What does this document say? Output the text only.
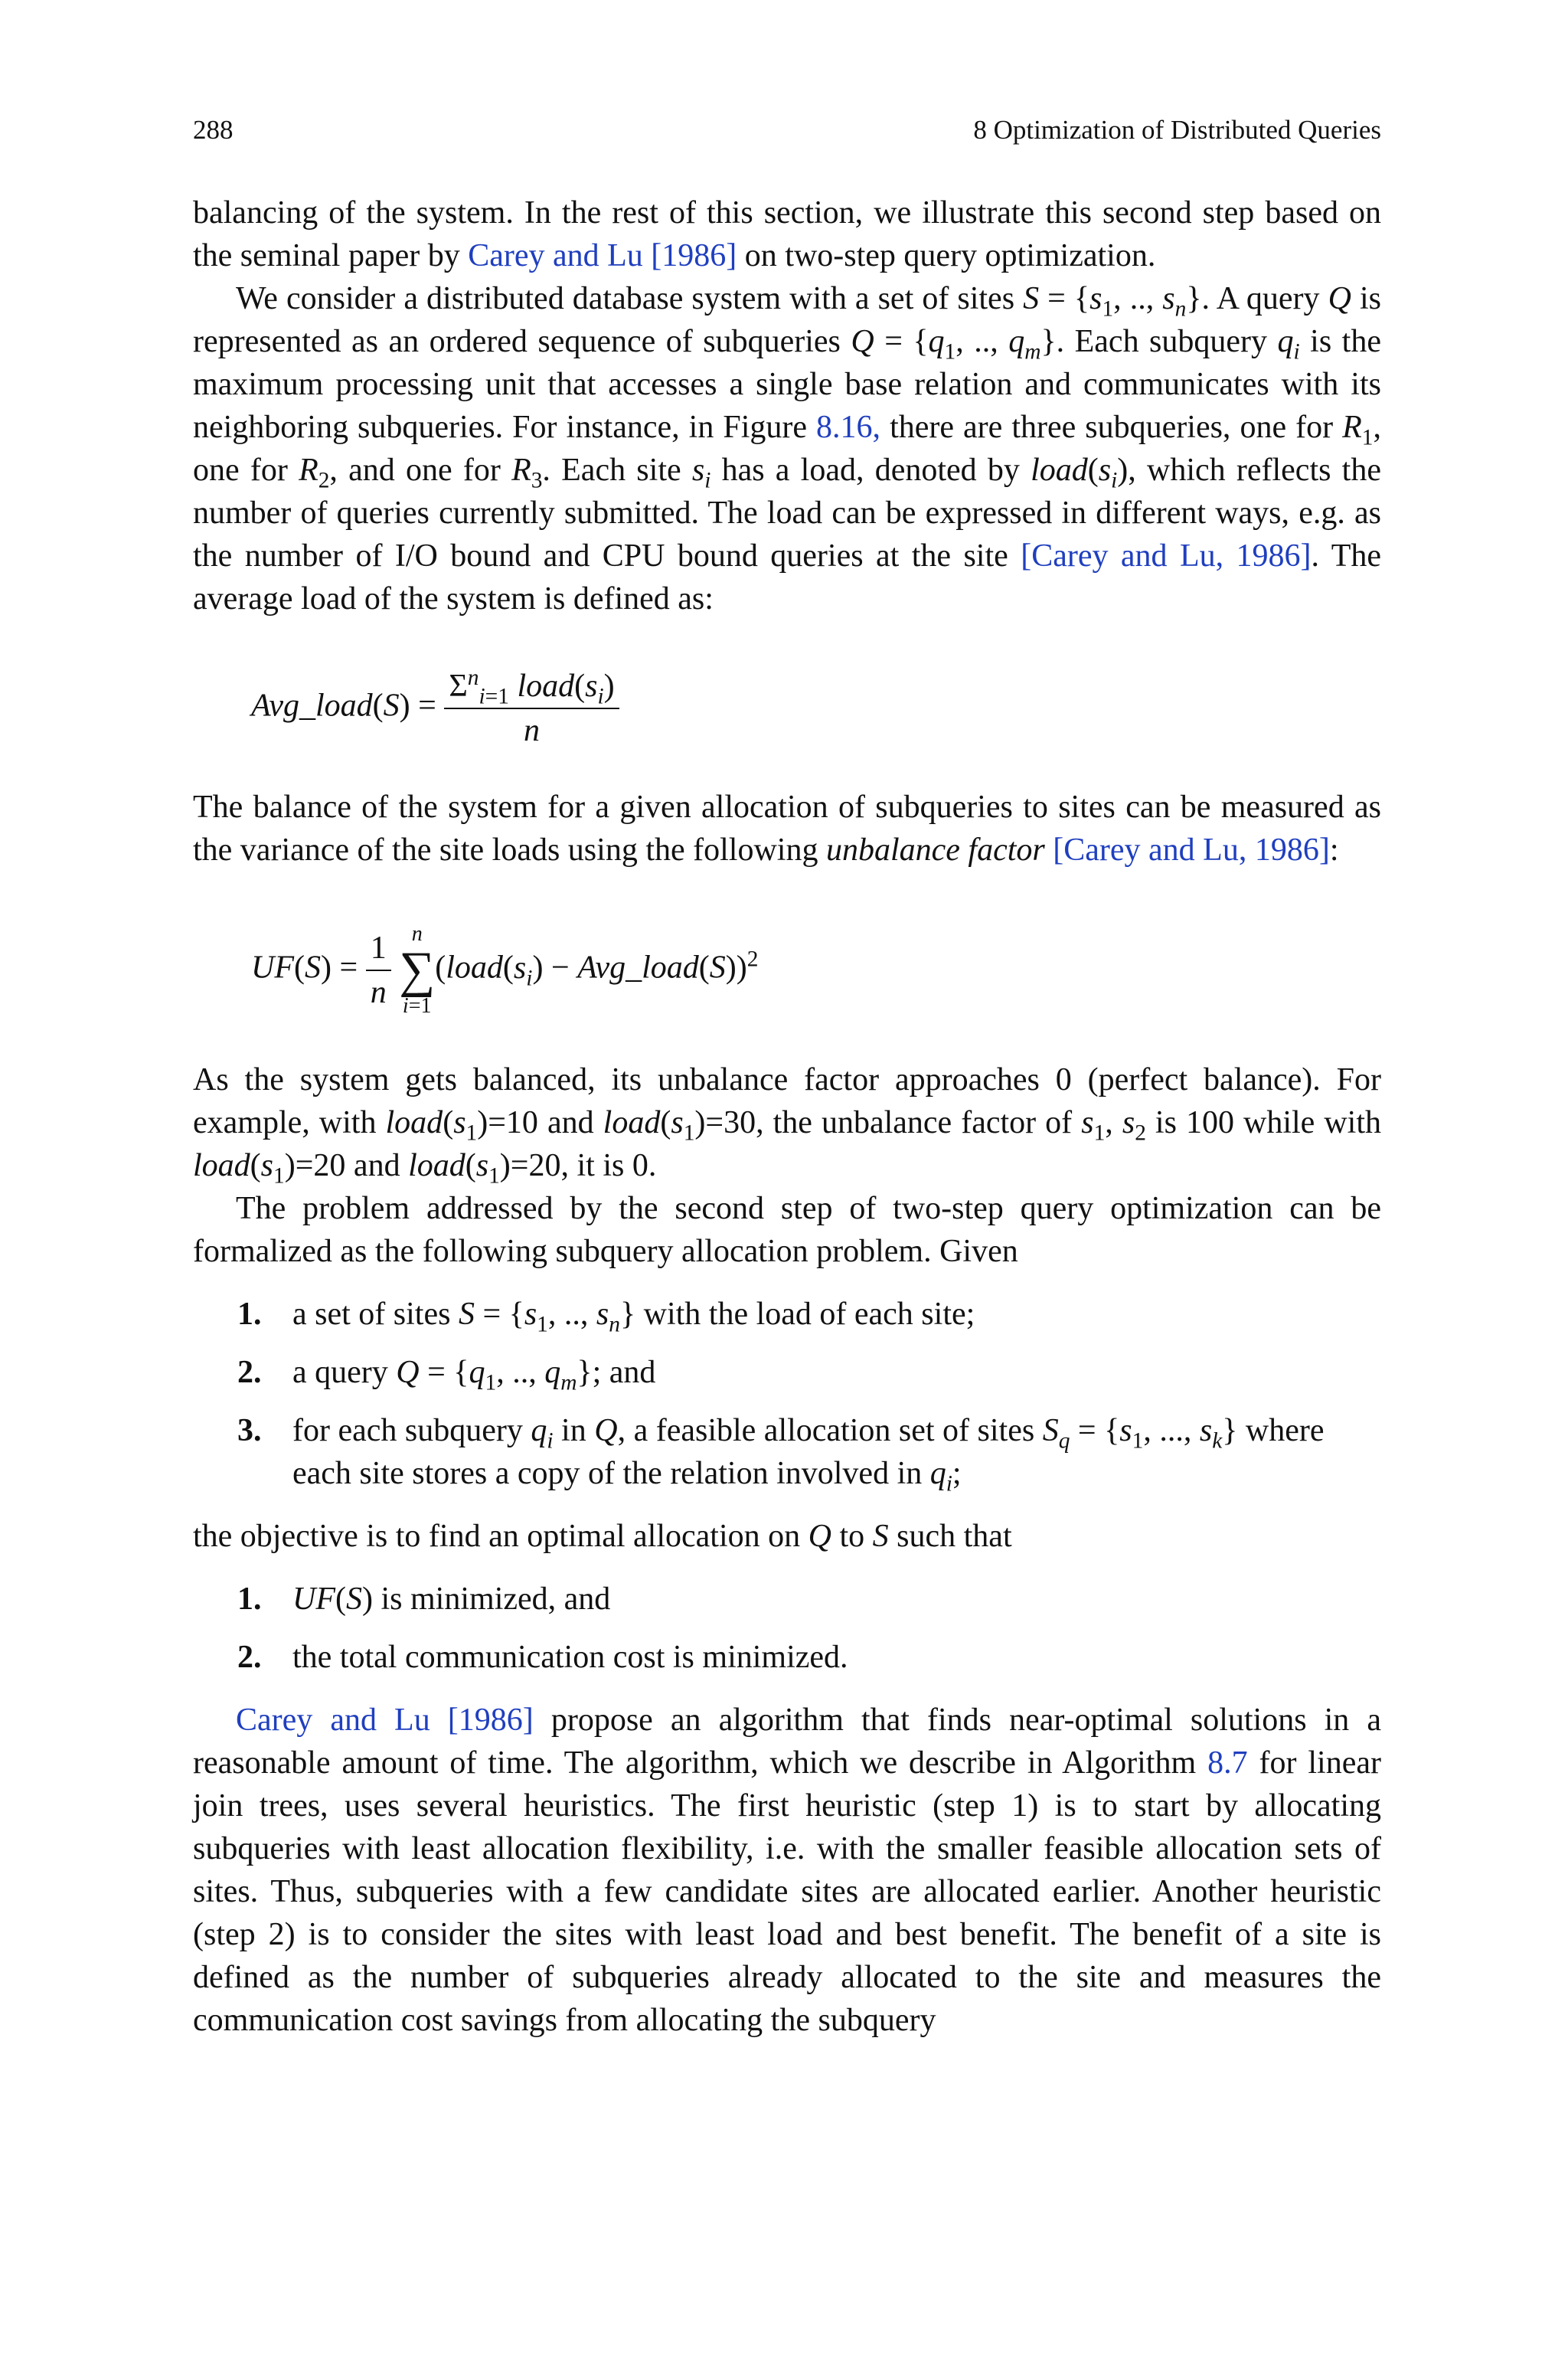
288	8 Optimization of Distributed Queries

balancing of the system. In the rest of this section, we illustrate this second step based on the seminal paper by Carey and Lu [1986] on two-step query optimization.

We consider a distributed database system with a set of sites $S = \{s_1$, .., $s_n$}. A query Q is represented as an ordered sequence of subqueries $Q = \{q_1$, .., $q_m$}. Each subquery $q_i$ is the maximum processing unit that accesses a single base relation and communicates with its neighboring subqueries. For instance, in Figure 8.16, there are three subqueries, one for $R_1$, one for $R_2$, and one for $R_3$. Each site $s_i$ has a load, denoted by $load(s_i)$, which reflects the number of queries currently submitted. The load can be expressed in different ways, e.g. as the number of I/O bound and CPU bound queries at the site [Carey and Lu, 1986]. The average load of the system is defined as:

Avg_load(S) = $\frac{\Sigma^n_{i=1} load(s_i)}{n}$

The balance of the system for a given allocation of subqueries to sites can be measured as the variance of the site loads using the following unbalance factor [Carey and Lu, 1986]:

$UF(S) = \frac{1}{n}$
n
∑
i=1
($load(s_i)$ − Avg_load(S))$^2$

As the system gets balanced, its unbalance factor approaches 0 (perfect balance). For example, with $load(s_1)=10$ and $load(s_1)=30$, the unbalance factor of $s_1$, $s_2$ is 100 while with $load(s_1)=20$ and $load(s_1)=20$, it is 0.

The problem addressed by the second step of two-step query optimization can be formalized as the following subquery allocation problem. Given

1. a set of sites $S = \{s_1$, .., $s_n$} with the load of each site;
2. a query $Q = \{q_1$, .., $q_m$}; and
3. for each subquery $q_i$ in Q, a feasible allocation set of sites $S_q = \{s_1$, ..., $s_k$} where each site stores a copy of the relation involved in $q_i$;

the objective is to find an optimal allocation on Q to S such that

1. UF(S) is minimized, and
2. the total communication cost is minimized.

Carey and Lu [1986] propose an algorithm that finds near-optimal solutions in a reasonable amount of time. The algorithm, which we describe in Algorithm 8.7 for linear join trees, uses several heuristics. The first heuristic (step 1) is to start by allocating subqueries with least allocation flexibility, i.e. with the smaller feasible allocation sets of sites. Thus, subqueries with a few candidate sites are allocated earlier. Another heuristic (step 2) is to consider the sites with least load and best benefit. The benefit of a site is defined as the number of subqueries already allocated to the site and measures the communication cost savings from allocating the subquery
